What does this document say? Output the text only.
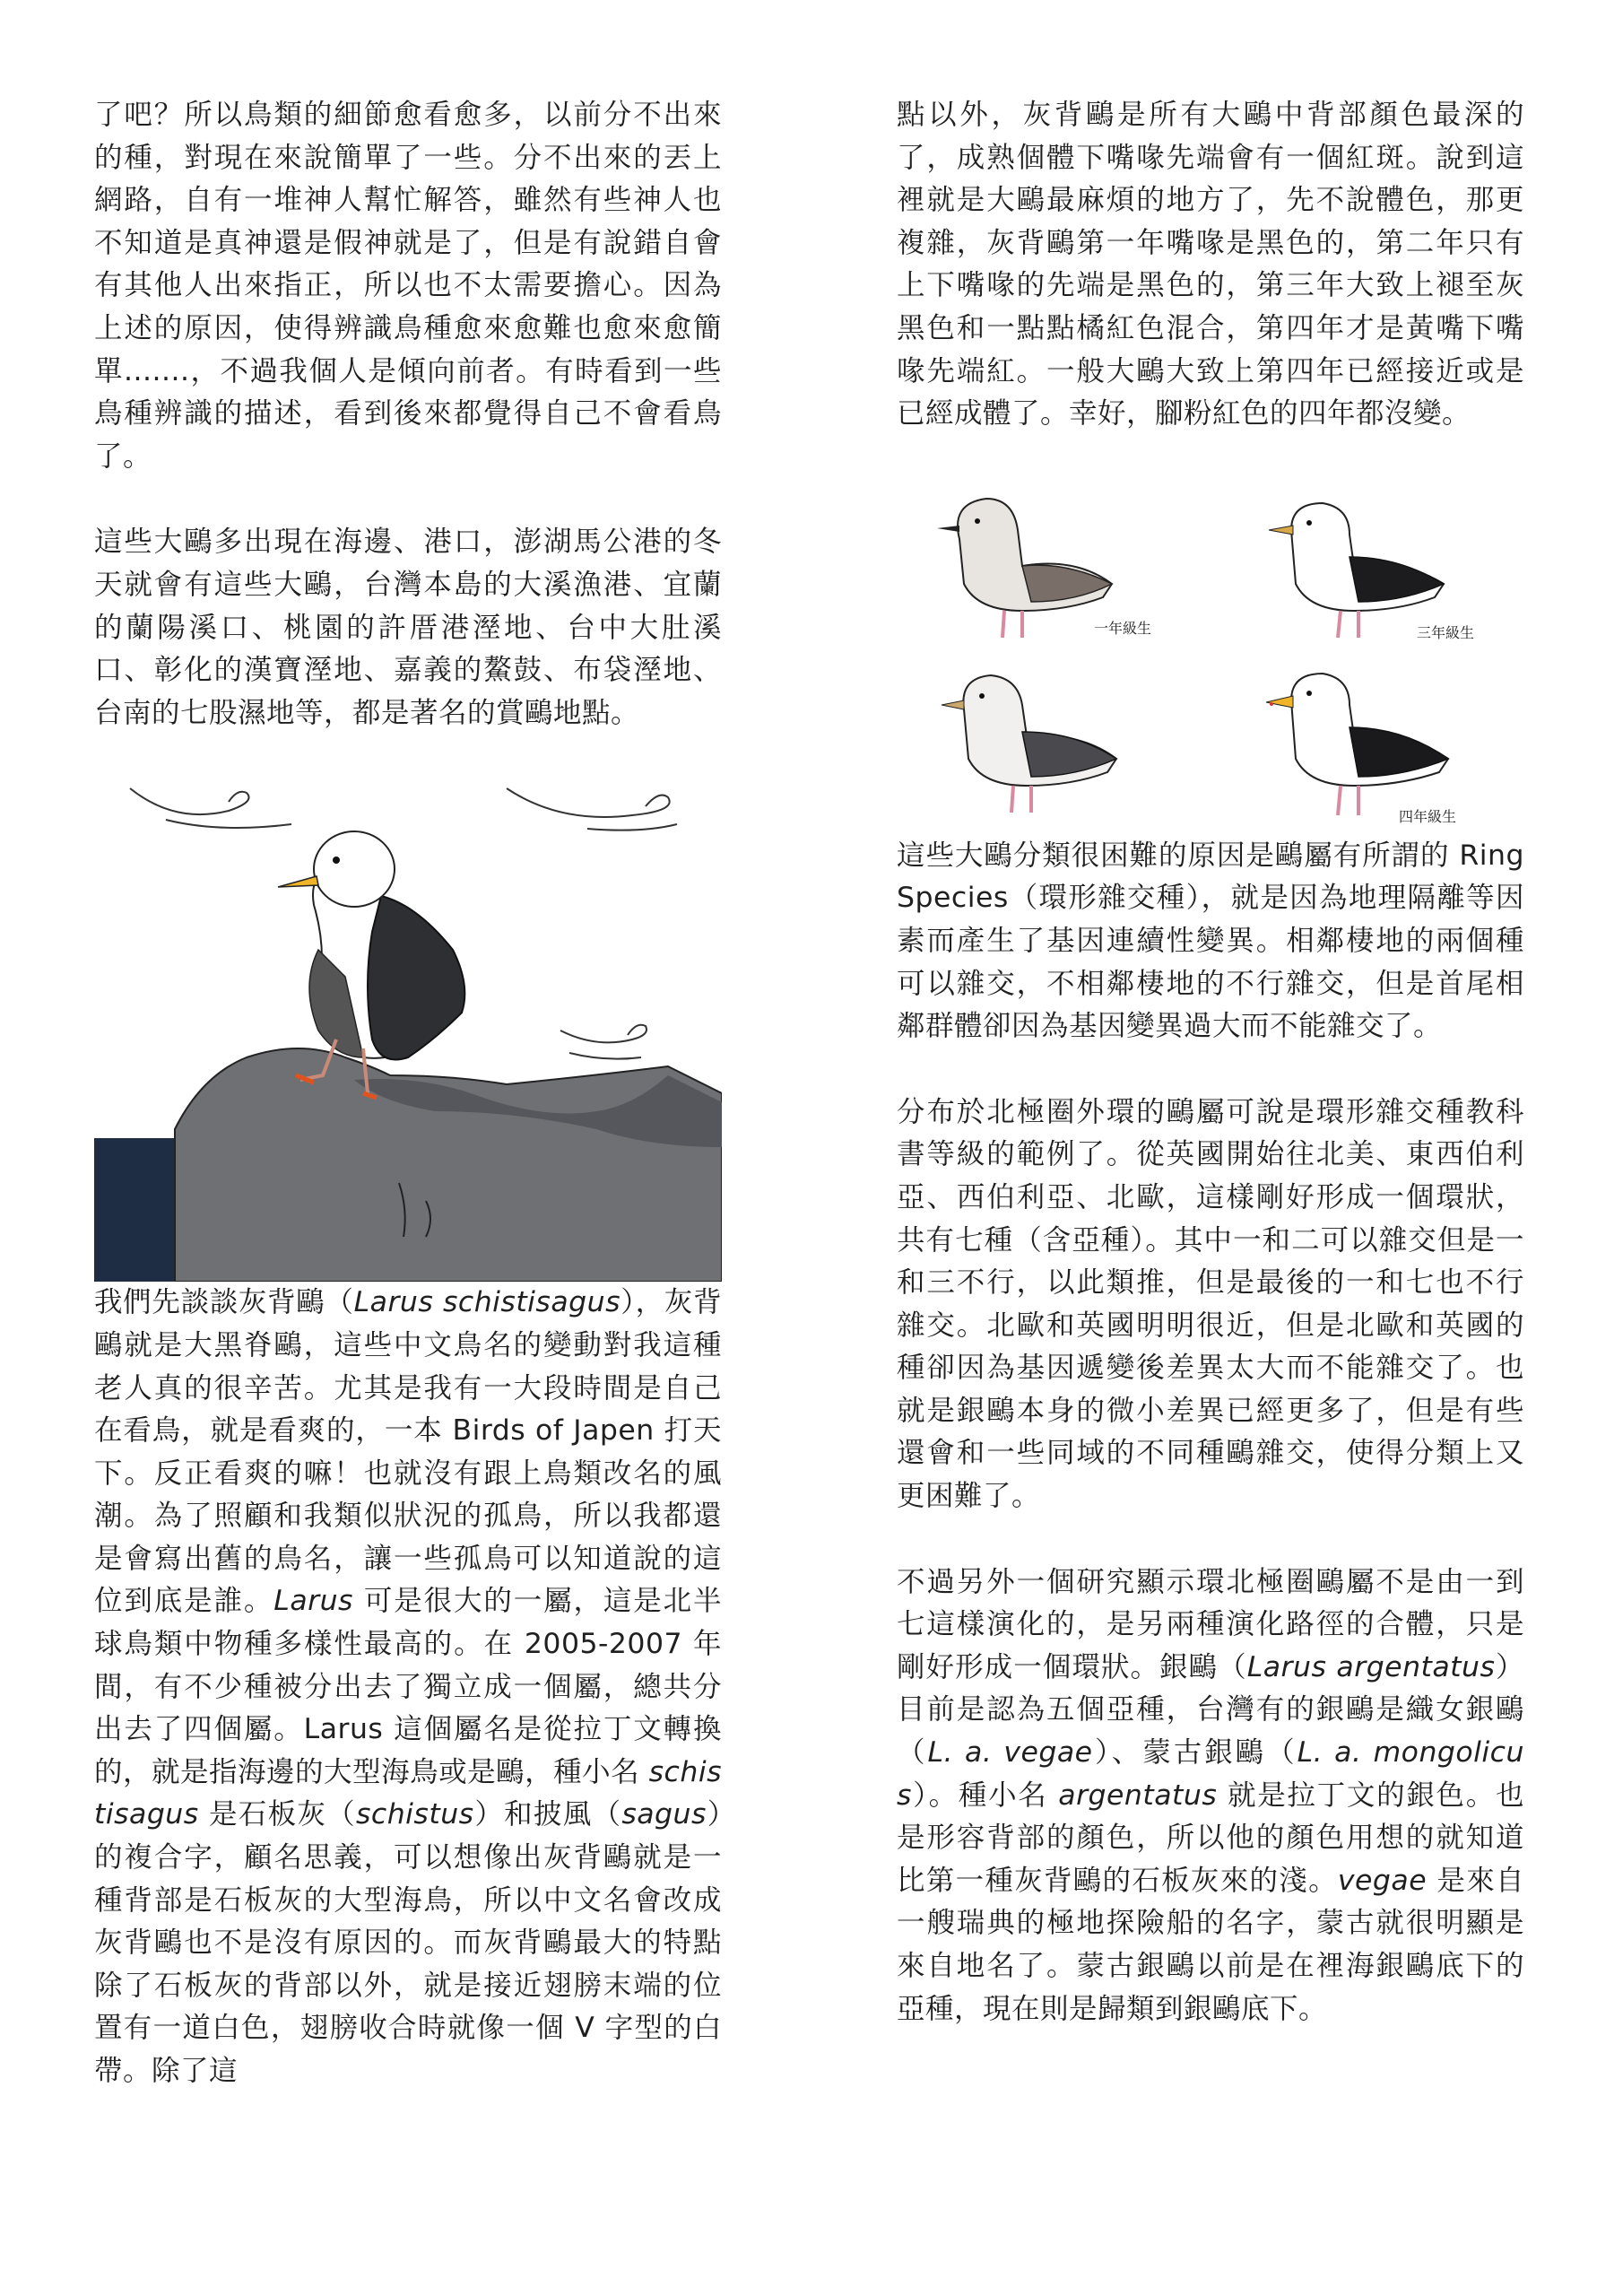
了吧？所以鳥類的細節愈看愈多，以前分不出來的種，對現在來說簡單了一些。分不出來的丟上網路，自有一堆神人幫忙解答，雖然有些神人也不知道是真神還是假神就是了，但是有說錯自會有其他人出來指正，所以也不太需要擔心。因為上述的原因，使得辨識鳥種愈來愈難也愈來愈簡單.......，不過我個人是傾向前者。有時看到一些鳥種辨識的描述，看到後來都覺得自己不會看鳥了。

這些大鷗多出現在海邊、港口，澎湖馬公港的冬天就會有這些大鷗，台灣本島的大溪漁港、宜蘭的蘭陽溪口、桃園的許厝港溼地、台中大肚溪口、彰化的漢寶溼地、嘉義的鰲鼓、布袋溼地、台南的七股濕地等，都是著名的賞鷗地點。

我們先談談灰背鷗（Larus schistisagus），灰背鷗就是大黑脊鷗，這些中文鳥名的變動對我這種老人真的很辛苦。尤其是我有一大段時間是自己在看鳥，就是看爽的，一本 Birds of Japen 打天下。反正看爽的嘛！也就沒有跟上鳥類改名的風潮。為了照顧和我類似狀況的孤鳥，所以我都還是會寫出舊的鳥名，讓一些孤鳥可以知道說的這位到底是誰。Larus 可是很大的一屬，這是北半球鳥類中物種多樣性最高的。在 2005-2007 年間，有不少種被分出去了獨立成一個屬，總共分出去了四個屬。Larus 這個屬名是從拉丁文轉換的，就是指海邊的大型海鳥或是鷗，種小名 schistisagus 是石板灰（schistus）和披風（sagus）的複合字，顧名思義，可以想像出灰背鷗就是一種背部是石板灰的大型海鳥，所以中文名會改成灰背鷗也不是沒有原因的。而灰背鷗最大的特點除了石板灰的背部以外，就是接近翅膀末端的位置有一道白色，翅膀收合時就像一個 V 字型的白帶。除了這

點以外，灰背鷗是所有大鷗中背部顏色最深的了，成熟個體下嘴喙先端會有一個紅斑。說到這裡就是大鷗最麻煩的地方了，先不說體色，那更複雜，灰背鷗第一年嘴喙是黑色的，第二年只有上下嘴喙的先端是黑色的，第三年大致上褪至灰黑色和一點點橘紅色混合，第四年才是黃嘴下嘴喙先端紅。一般大鷗大致上第四年已經接近或是已經成體了。幸好，腳粉紅色的四年都沒變。

一年級生	三年級生
四年級生

這些大鷗分類很困難的原因是鷗屬有所謂的 Ring Species（環形雜交種），就是因為地理隔離等因素而產生了基因連續性變異。相鄰棲地的兩個種可以雜交，不相鄰棲地的不行雜交，但是首尾相鄰群體卻因為基因變異過大而不能雜交了。

分布於北極圈外環的鷗屬可說是環形雜交種教科書等級的範例了。從英國開始往北美、東西伯利亞、西伯利亞、北歐，這樣剛好形成一個環狀，共有七種（含亞種）。其中一和二可以雜交但是一和三不行，以此類推，但是最後的一和七也不行雜交。北歐和英國明明很近，但是北歐和英國的種卻因為基因遞變後差異太大而不能雜交了。也就是銀鷗本身的微小差異已經更多了，但是有些還會和一些同域的不同種鷗雜交，使得分類上又更困難了。

不過另外一個研究顯示環北極圈鷗屬不是由一到七這樣演化的，是另兩種演化路徑的合體，只是剛好形成一個環狀。銀鷗（Larus argentatus）目前是認為五個亞種，台灣有的銀鷗是織女銀鷗（L. a. vegae）、蒙古銀鷗（L. a. mongolicus）。種小名 argentatus 就是拉丁文的銀色。也是形容背部的顏色，所以他的顏色用想的就知道比第一種灰背鷗的石板灰來的淺。vegae 是來自一艘瑞典的極地探險船的名字，蒙古就很明顯是來自地名了。蒙古銀鷗以前是在裡海銀鷗底下的亞種，現在則是歸類到銀鷗底下。
